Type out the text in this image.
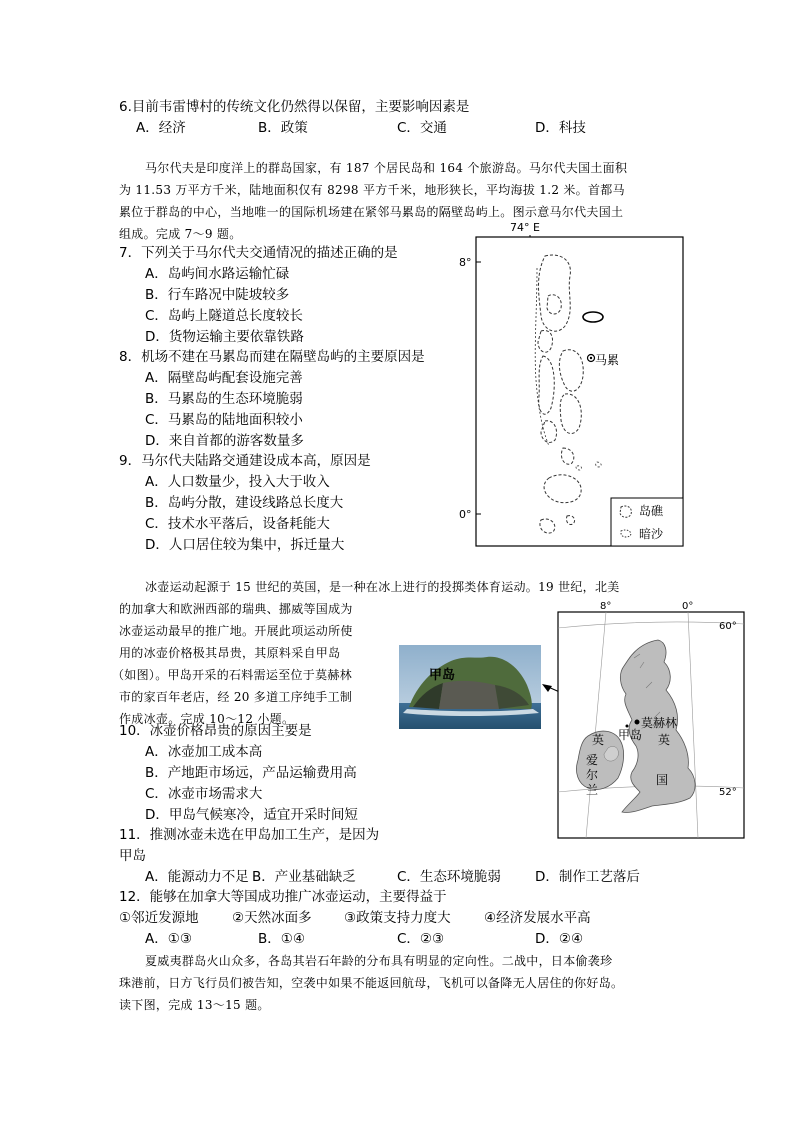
6.目前韦雷博村的传统文化仍然得以保留，主要影响因素是
A．经济	B．政策	C．交通	D．科技
马尔代夫是印度洋上的群岛国家，有 187 个居民岛和 164 个旅游岛。马尔代夫国土面积
为 11.53 万平方千米，陆地面积仅有 8298 平方千米，地形狭长，平均海拔 1.2 米。首都马
累位于群岛的中心，当地唯一的国际机场建在紧邻马累岛的隔壁岛屿上。图示意马尔代夫国土
组成。完成 7～9 题。
7．下列关于马尔代夫交通情况的描述正确的是
A．岛屿间水路运输忙碌
B．行车路况中陡坡较多
C．岛屿上隧道总长度较长
D．货物运输主要依靠铁路
8．机场不建在马累岛而建在隔壁岛屿的主要原因是
A．隔壁岛屿配套设施完善
B．马累岛的生态环境脆弱
C．马累岛的陆地面积较小
D．来自首都的游客数量多
9．马尔代夫陆路交通建设成本高，原因是
A．人口数量少，投入大于收入
B．岛屿分散，建设线路总长度大
C．技术水平落后，设备耗能大
D．人口居住较为集中，拆迁量大
74° E
8°
0°
马累
岛礁
暗沙
冰壶运动起源于 15 世纪的英国，是一种在冰上进行的投掷类体育运动。19 世纪，北美
的加拿大和欧洲西部的瑞典、挪威等国成为
冰壶运动最早的推广地。开展此项运动所使
用的冰壶价格极其昂贵，其原料采自甲岛
（如图）。甲岛开采的石料需运至位于莫赫林
市的家百年老店，经 20 多道工序纯手工制
作成冰壶。完成 10～12 小题。
甲岛
8°	0°
60°
52°
莫赫林
甲岛
英	英
国
爱
尔
兰
10．冰壶价格昂贵的原因主要是
A．冰壶加工成本高
B．产地距市场远，产品运输费用高
C．冰壶市场需求大
D．甲岛气候寒冷，适宜开采时间短
11．推测冰壶未选在甲岛加工生产，是因为
甲岛
A．能源动力不足 B．产业基础缺乏	C．生态环境脆弱	D．制作工艺落后
12．能够在加拿大等国成功推广冰壶运动，主要得益于
①邻近发源地 ②天然冰面多 ③政策支持力度大 ④经济发展水平高
A．①③	B．①④	C．②③	D．②④
夏威夷群岛火山众多，各岛其岩石年龄的分布具有明显的定向性。二战中，日本偷袭珍
珠港前，日方飞行员们被告知，空袭中如果不能返回航母，飞机可以备降无人居住的你好岛。
读下图，完成 13～15 题。
